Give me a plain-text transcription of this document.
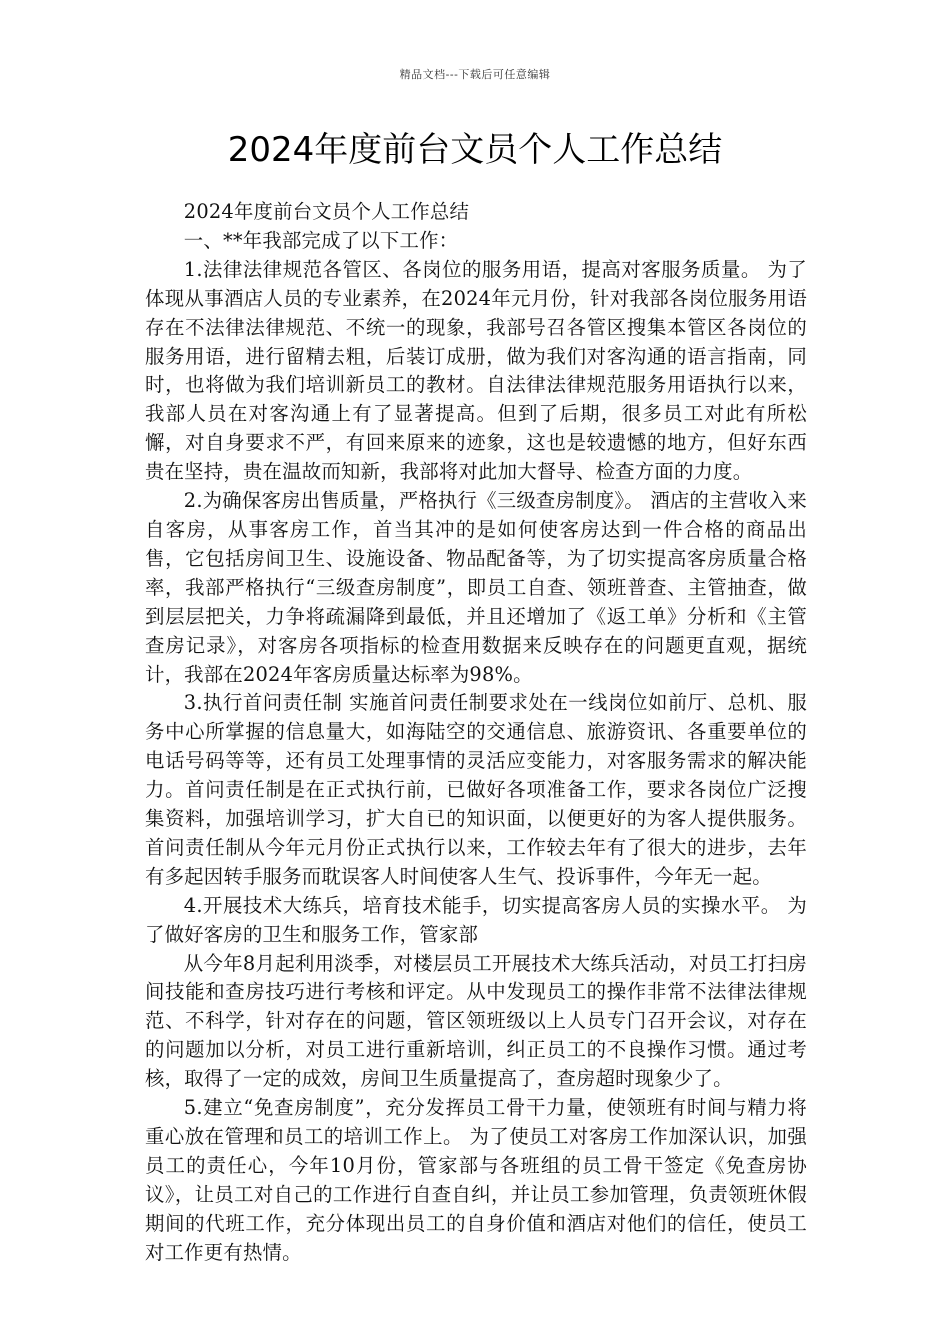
精品文档---下载后可任意编辑
2024年度前台文员个人工作总结

2024年度前台文员个人工作总结

一、**年我部完成了以下工作：

1.法律法律规范各管区、各岗位的服务用语，提高对客服务质量。 为了体现从事酒店人员的专业素养，在2024年元月份，针对我部各岗位服务用语存在不法律法律规范、不统一的现象，我部号召各管区搜集本管区各岗位的服务用语，进行留精去粗，后装订成册，做为我们对客沟通的语言指南，同时，也将做为我们培训新员工的教材。自法律法律规范服务用语执行以来，我部人员在对客沟通上有了显著提高。但到了后期，很多员工对此有所松懈，对自身要求不严，有回来原来的迹象，这也是较遗憾的地方，但好东西贵在坚持，贵在温故而知新，我部将对此加大督导、检查方面的力度。

2.为确保客房出售质量，严格执行《三级查房制度》。 酒店的主营收入来自客房，从事客房工作，首当其冲的是如何使客房达到一件合格的商品出售，它包括房间卫生、设施设备、物品配备等，为了切实提高客房质量合格率，我部严格执行“三级查房制度”，即员工自查、领班普查、主管抽查，做到层层把关，力争将疏漏降到最低，并且还增加了《返工单》分析和《主管查房记录》，对客房各项指标的检查用数据来反映存在的问题更直观，据统计，我部在2024年客房质量达标率为98%。

3.执行首问责任制 实施首问责任制要求处在一线岗位如前厅、总机、服务中心所掌握的信息量大，如海陆空的交通信息、旅游资讯、各重要单位的电话号码等等，还有员工处理事情的灵活应变能力，对客服务需求的解决能力。首问责任制是在正式执行前，已做好各项准备工作，要求各岗位广泛搜集资料，加强培训学习，扩大自已的知识面，以便更好的为客人提供服务。首问责任制从今年元月份正式执行以来，工作较去年有了很大的进步，去年有多起因转手服务而耽误客人时间使客人生气、投诉事件，今年无一起。

4.开展技术大练兵，培育技术能手，切实提高客房人员的实操水平。 为了做好客房的卫生和服务工作，管家部

从今年8月起利用淡季，对楼层员工开展技术大练兵活动，对员工打扫房间技能和查房技巧进行考核和评定。从中发现员工的操作非常不法律法律规范、不科学，针对存在的问题，管区领班级以上人员专门召开会议，对存在的问题加以分析，对员工进行重新培训，纠正员工的不良操作习惯。通过考核，取得了一定的成效，房间卫生质量提高了，查房超时现象少了。

5.建立“免查房制度”，充分发挥员工骨干力量，使领班有时间与精力将重心放在管理和员工的培训工作上。 为了使员工对客房工作加深认识，加强员工的责任心，今年10月份，管家部与各班组的员工骨干签定《免查房协议》，让员工对自己的工作进行自查自纠，并让员工参加管理，负责领班休假期间的代班工作，充分体现出员工的自身价值和酒店对他们的信任，使员工对工作更有热情。
